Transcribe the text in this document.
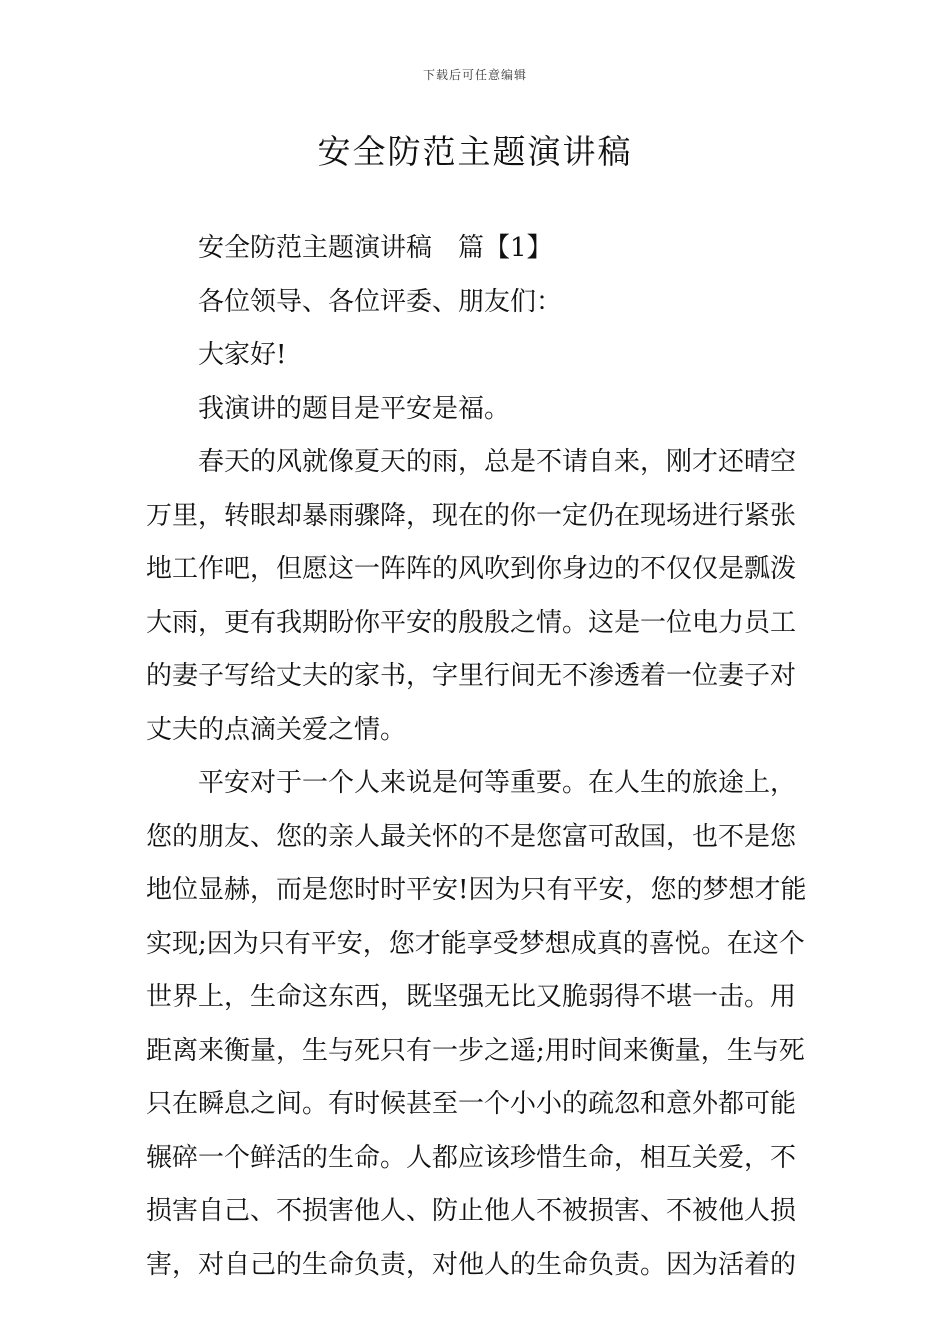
下载后可任意编辑
安全防范主题演讲稿
安全防范主题演讲稿　篇【1】
各位领导、各位评委、朋友们：
大家好!
我演讲的题目是平安是福。
春天的风就像夏天的雨，总是不请自来，刚才还晴空
万里，转眼却暴雨骤降，现在的你一定仍在现场进行紧张
地工作吧，但愿这一阵阵的风吹到你身边的不仅仅是瓢泼
大雨，更有我期盼你平安的殷殷之情。这是一位电力员工
的妻子写给丈夫的家书，字里行间无不渗透着一位妻子对
丈夫的点滴关爱之情。
平安对于一个人来说是何等重要。在人生的旅途上，
您的朋友、您的亲人最关怀的不是您富可敌国，也不是您
地位显赫，而是您时时平安!因为只有平安，您的梦想才能
实现;因为只有平安，您才能享受梦想成真的喜悦。在这个
世界上，生命这东西，既坚强无比又脆弱得不堪一击。用
距离来衡量，生与死只有一步之遥;用时间来衡量，生与死
只在瞬息之间。有时候甚至一个小小的疏忽和意外都可能
辗碎一个鲜活的生命。人都应该珍惜生命，相互关爱，不
损害自己、不损害他人、防止他人不被损害、不被他人损
害，对自己的生命负责，对他人的生命负责。因为活着的
